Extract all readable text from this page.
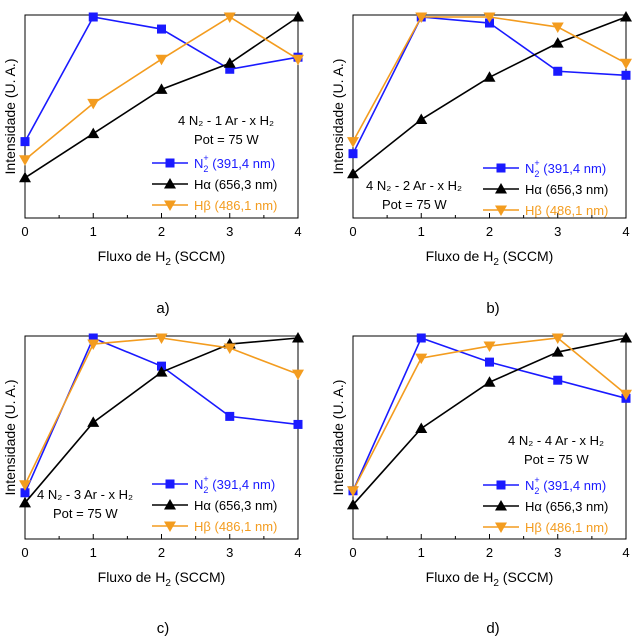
0	1	2	3	4
Fluxo de $H_2$ (SCCM)
Intensidade (U. A.)	4 N₂ - 1 Ar - x H₂
Pot = 75 W
$N_2+ (391,4$ nm)
Hα (656,3 nm)
Hβ (486,1 nm)
a)
0	1	2	3	4
Fluxo de $H_2$ (SCCM)
Intensidade (U. A.)
4 N₂ - 2 Ar - x H₂
Pot = 75 W
$N_2+ (391,4$ nm)
Hα (656,3 nm)
Hβ (486,1 nm)
b)
0	1	2	3	4
Fluxo de $H_2$ (SCCM)
Intensidade (U. A.) 4 N₂ - 3 Ar - x H₂
Pot = 75 W
$N_2+ (391,4$ nm)
Hα (656,3 nm)
Hβ (486,1 nm)
c)
0	1	2	3	4
Fluxo de $H_2$ (SCCM)
Intensidade (U. A.)	4 N₂ - 4 Ar - x H₂
Pot = 75 W
$N_2+ (391,4$ nm)
Hα (656,3 nm)
Hβ (486,1 nm)
d)
